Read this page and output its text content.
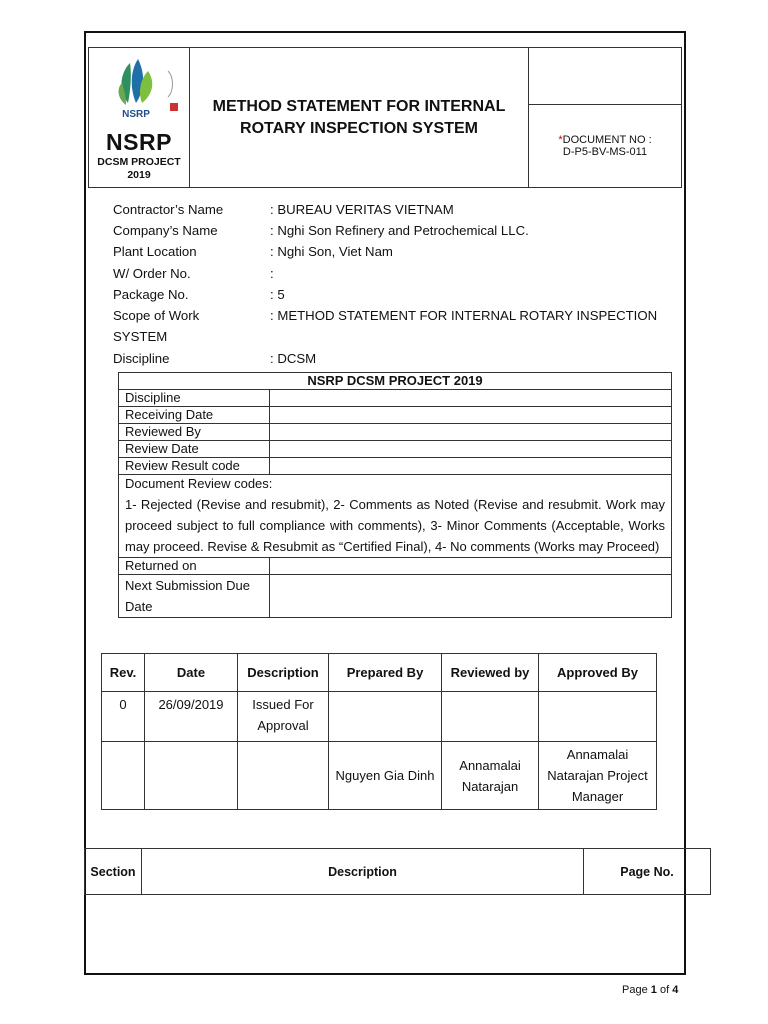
NSRP
NSRP
DCSM PROJECT
2019

METHOD STATEMENT FOR INTERNAL
ROTARY INSPECTION SYSTEM

*DOCUMENT NO :
D-P5-BV-MS-011
Contractor’s Name	: BUREAU VERITAS VIETNAM
Company’s Name	: Nghi Son Refinery and Petrochemical LLC.
Plant Location	: Nghi Son, Viet Nam
W/ Order No.	:
Package No.	: 5
Scope of Work	: METHOD STATEMENT FOR INTERNAL ROTARY INSPECTION
SYSTEM
Discipline	: DCSM
NSRP DCSM PROJECT 2019	
Discipline	
Receiving Date	
Reviewed By	
Review Date	
Review Result code	

Document Review codes:
1- Rejected (Revise and resubmit), 2- Comments as Noted (Revise and resubmit. Work may proceed subject to full compliance with comments), 3- Minor Comments (Acceptable, Works may proceed. Revise & Resubmit as “Certified Final), 4- No comments (Works may Proceed)	

Returned on	
Next Submission Due Date	
Rev.	Date	Description	Prepared By	Reviewed by	Approved By
0	26/09/2019	Issued For Approval			
			Nguyen Gia Dinh	Annamalai Natarajan	Annamalai Natarajan Project Manager
Section	Description	Page No.
Page 1 of 4
